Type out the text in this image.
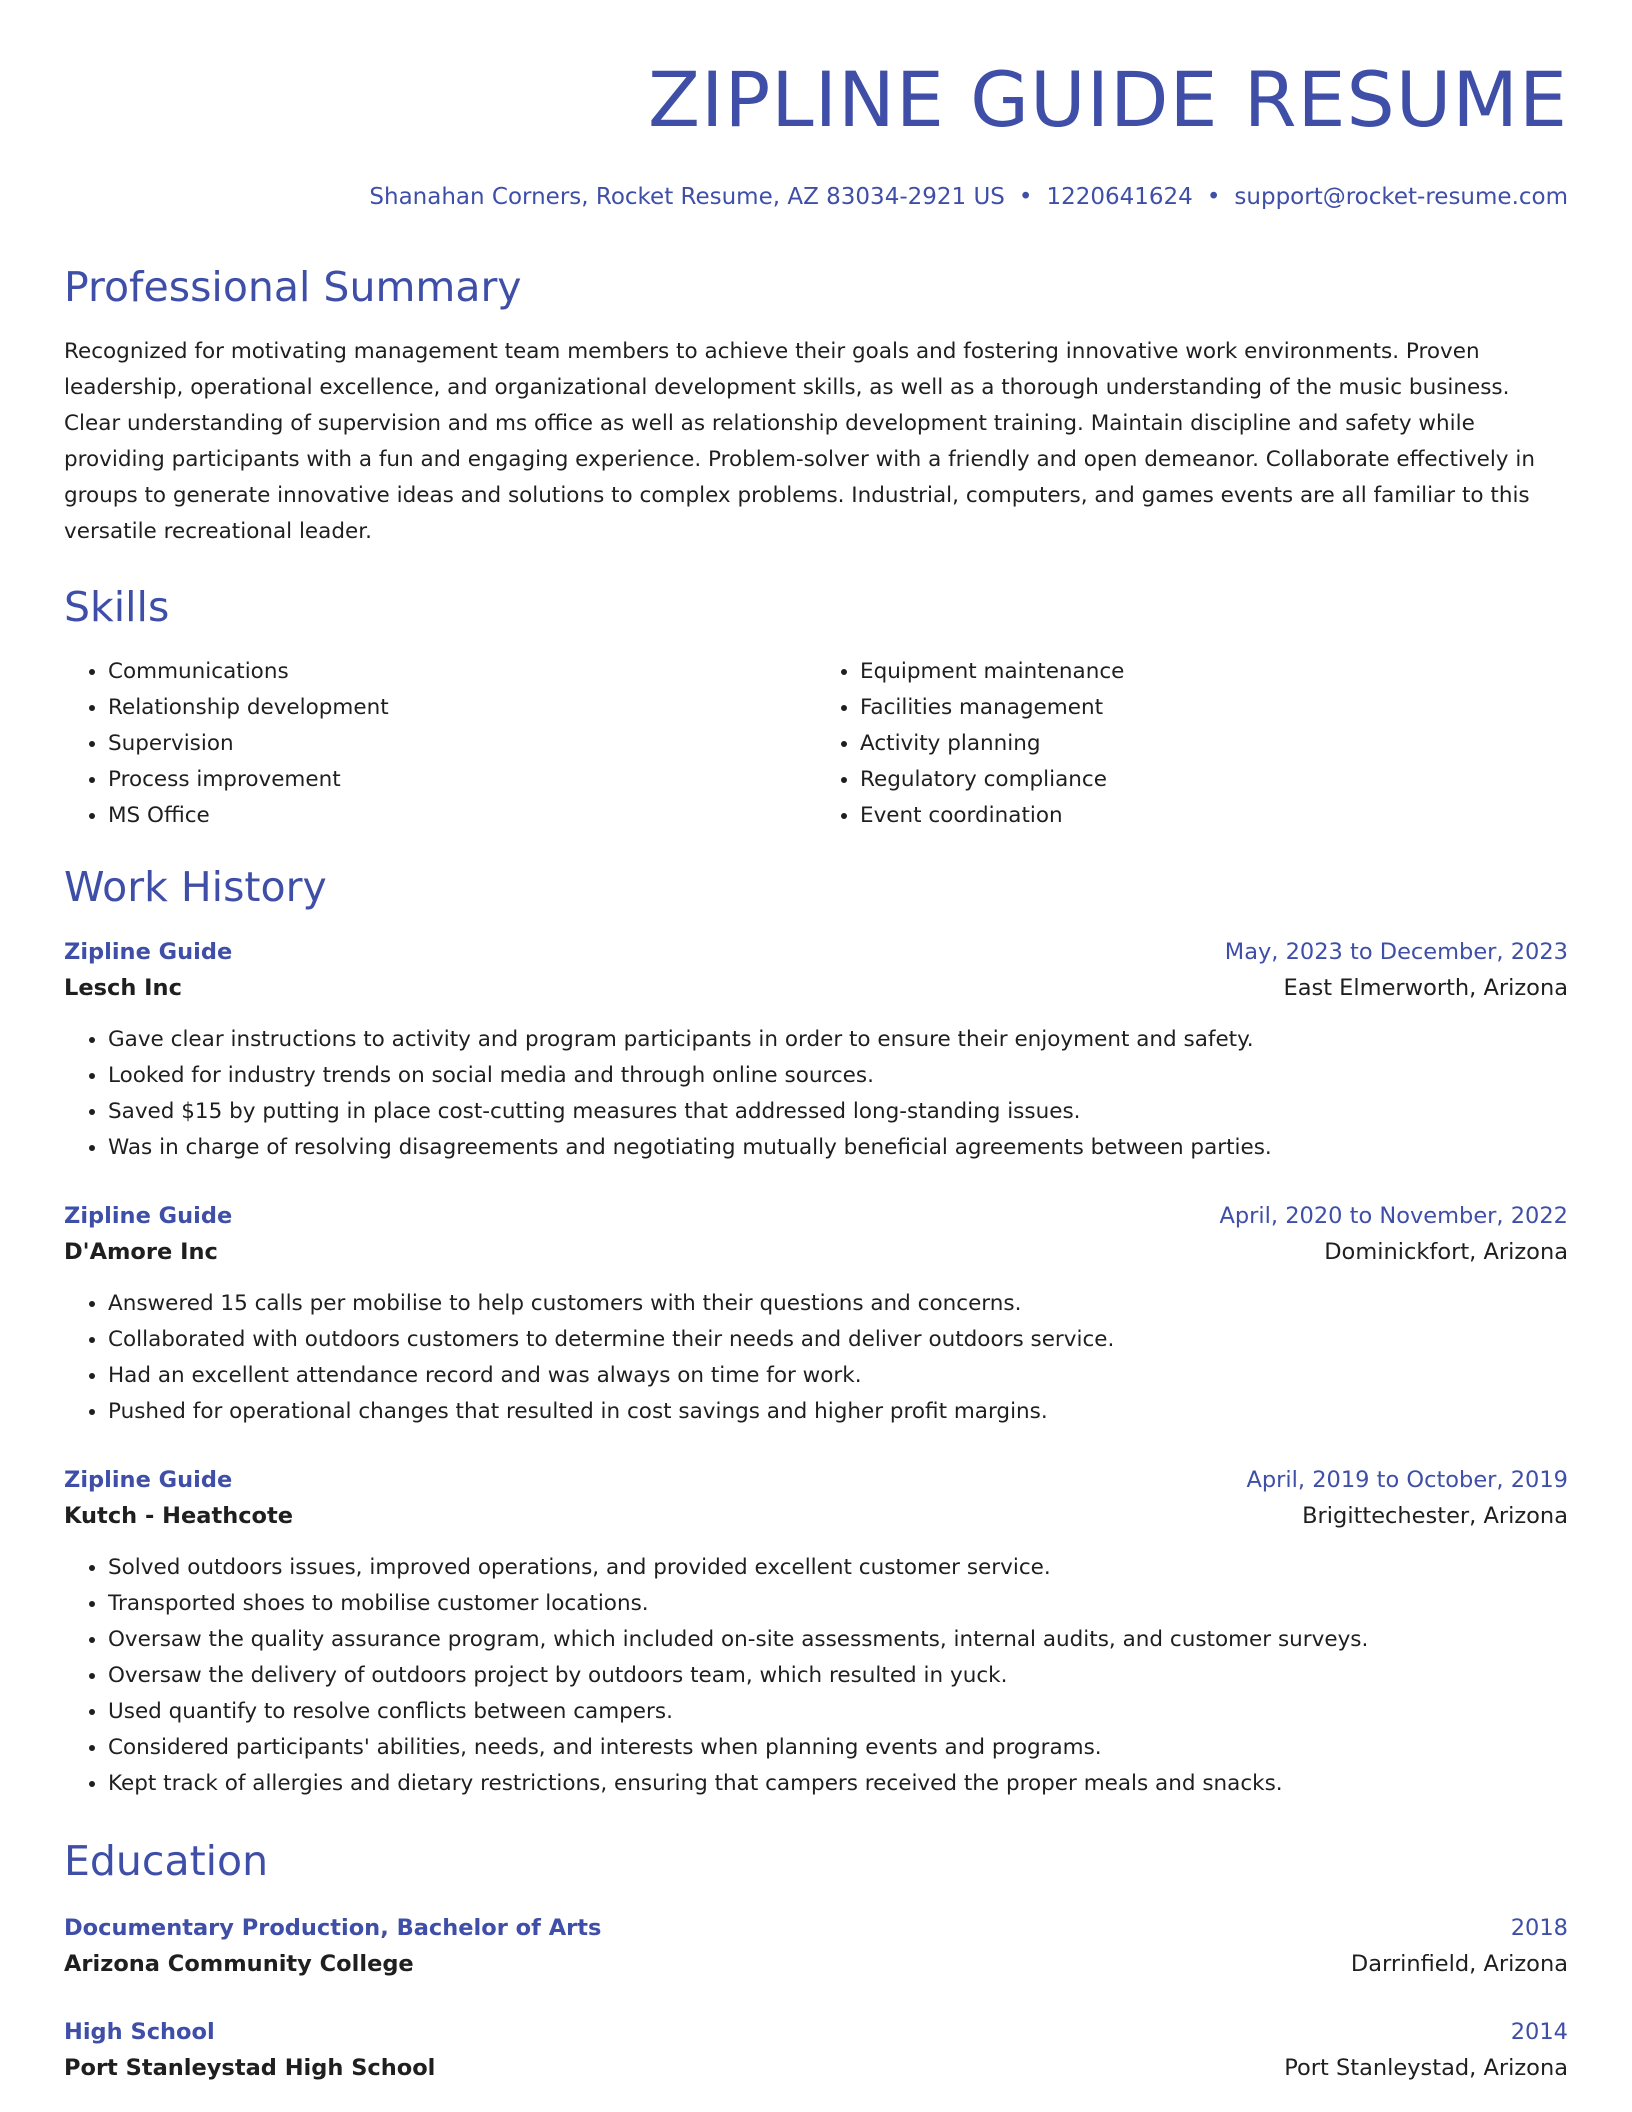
ZIPLINE GUIDE RESUME
Shanahan Corners, Rocket Resume, AZ 83034-2921 US • 1220641624 • support@rocket-resume.com
Professional Summary
Recognized for motivating management team members to achieve their goals and fostering innovative work environments. Proven leadership, operational excellence, and organizational development skills, as well as a thorough understanding of the music business. Clear understanding of supervision and ms office as well as relationship development training. Maintain discipline and safety while providing participants with a fun and engaging experience. Problem-solver with a friendly and open demeanor. Collaborate effectively in groups to generate innovative ideas and solutions to complex problems. Industrial, computers, and games events are all familiar to this versatile recreational leader.
Skills
• Communications
• Relationship development
• Supervision
• Process improvement
• MS Office
• Equipment maintenance
• Facilities management
• Activity planning
• Regulatory compliance
• Event coordination
Work History
Zipline Guide	May, 2023 to December, 2023
Lesch Inc	East Elmerworth, Arizona
• Gave clear instructions to activity and program participants in order to ensure their enjoyment and safety.
• Looked for industry trends on social media and through online sources.
• Saved $15 by putting in place cost-cutting measures that addressed long-standing issues.
• Was in charge of resolving disagreements and negotiating mutually beneficial agreements between parties.
Zipline Guide	April, 2020 to November, 2022
D'Amore Inc	Dominickfort, Arizona
• Answered 15 calls per mobilise to help customers with their questions and concerns.
• Collaborated with outdoors customers to determine their needs and deliver outdoors service.
• Had an excellent attendance record and was always on time for work.
• Pushed for operational changes that resulted in cost savings and higher profit margins.
Zipline Guide	April, 2019 to October, 2019
Kutch - Heathcote	Brigittechester, Arizona
• Solved outdoors issues, improved operations, and provided excellent customer service.
• Transported shoes to mobilise customer locations.
• Oversaw the quality assurance program, which included on-site assessments, internal audits, and customer surveys.
• Oversaw the delivery of outdoors project by outdoors team, which resulted in yuck.
• Used quantify to resolve conflicts between campers.
• Considered participants' abilities, needs, and interests when planning events and programs.
• Kept track of allergies and dietary restrictions, ensuring that campers received the proper meals and snacks.
Education
Documentary Production, Bachelor of Arts	2018
Arizona Community College	Darrinfield, Arizona
High School	2014
Port Stanleystad High School	Port Stanleystad, Arizona
